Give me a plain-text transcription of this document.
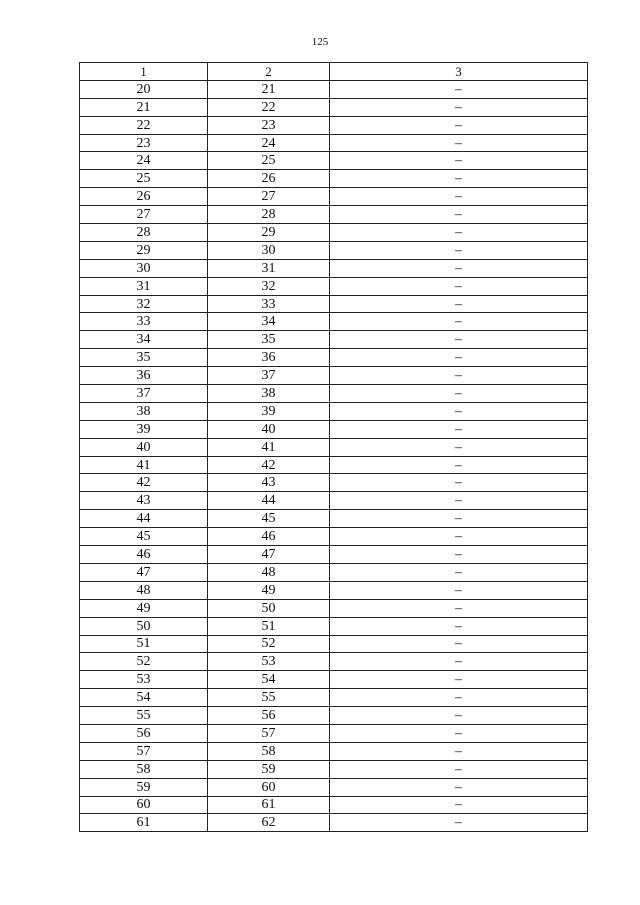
125
1	2	3
20	21	–
21	22	–
22	23	–
23	24	–
24	25	–
25	26	–
26	27	–
27	28	–
28	29	–
29	30	–
30	31	–
31	32	–
32	33	–
33	34	–
34	35	–
35	36	–
36	37	–
37	38	–
38	39	–
39	40	–
40	41	–
41	42	–
42	43	–
43	44	–
44	45	–
45	46	–
46	47	–
47	48	–
48	49	–
49	50	–
50	51	–
51	52	–
52	53	–
53	54	–
54	55	–
55	56	–
56	57	–
57	58	–
58	59	–
59	60	–
60	61	–
61	62	–
